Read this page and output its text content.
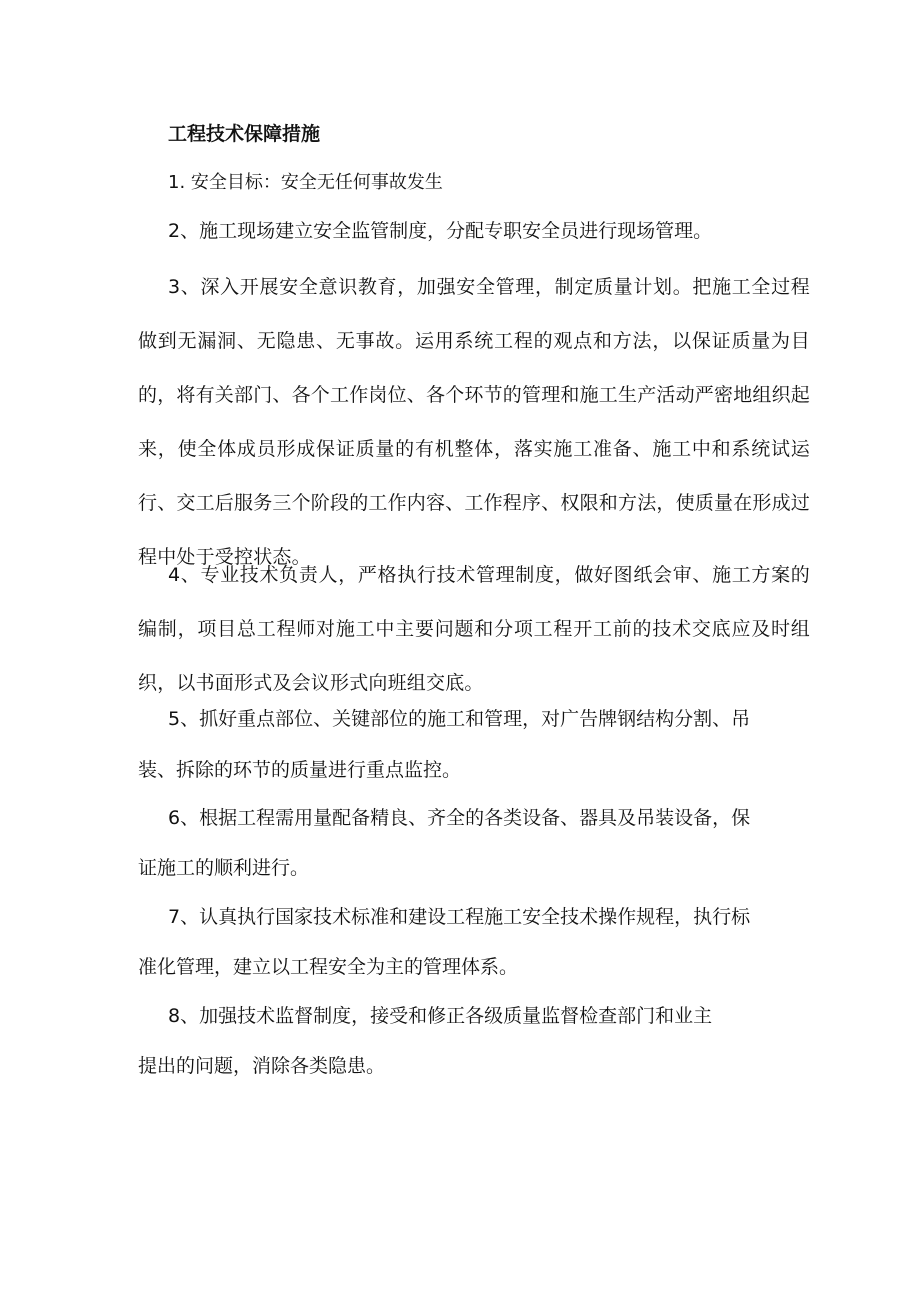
工程技术保障措施
1. 安全目标：安全无任何事故发生
2、施工现场建立安全监管制度，分配专职安全员进行现场管理。
3、深入开展安全意识教育，加强安全管理，制定质量计划。把施工全过程做到无漏洞、无隐患、无事故。运用系统工程的观点和方法，以保证质量为目的，将有关部门、各个工作岗位、各个环节的管理和施工生产活动严密地组织起来，使全体成员形成保证质量的有机整体，落实施工准备、施工中和系统试运行、交工后服务三个阶段的工作内容、工作程序、权限和方法，使质量在形成过程中处于受控状态。
4、专业技术负责人，严格执行技术管理制度，做好图纸会审、施工方案的编制，项目总工程师对施工中主要问题和分项工程开工前的技术交底应及时组织，以书面形式及会议形式向班组交底。
5、抓好重点部位、关键部位的施工和管理，对广告牌钢结构分割、吊
装、拆除的环节的质量进行重点监控。
6、根据工程需用量配备精良、齐全的各类设备、器具及吊装设备，保
证施工的顺利进行。
7、认真执行国家技术标准和建设工程施工安全技术操作规程，执行标
准化管理，建立以工程安全为主的管理体系。
8、加强技术监督制度，接受和修正各级质量监督检查部门和业主
提出的问题，消除各类隐患。
